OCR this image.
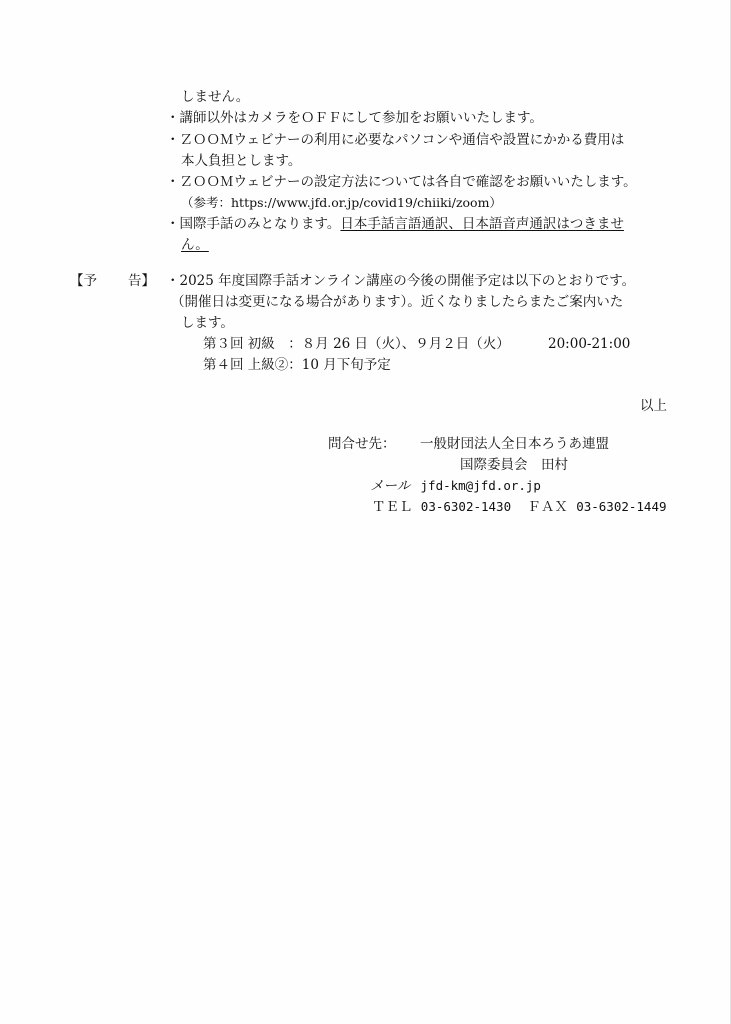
しません。
・講師以外はカメラをＯＦＦにして参加をお願いいたします。
・ＺＯＯＭウェビナーの利用に必要なパソコンや通信や設置にかかる費用は
本人負担とします。
・ＺＯＯＭウェビナーの設定方法については各自で確認をお願いいたします。
（参考：https://www.jfd.or.jp/covid19/chiiki/zoom）
・国際手話のみとなります。日本手話言語通訳、日本語音声通訳はつきませ
ん。
【予 告】 ・2025 年度国際手話オンライン講座の今後の開催予定は以下のとおりです。
（開催日は変更になる場合があります）。近くなりましたらまたご案内いた
します。
第３回 初級　：８月 26 日（火）、９月２日（火）	20:00-21:00
第４回 上級②：10 月下旬予定
以上
問合せ先： 一般財団法人全日本ろうあ連盟
国際委員会　田村
メール jfd-km@jfd.or.jp
ＴＥＬ 03-6302-1430 ＦＡＸ 03-6302-1449
